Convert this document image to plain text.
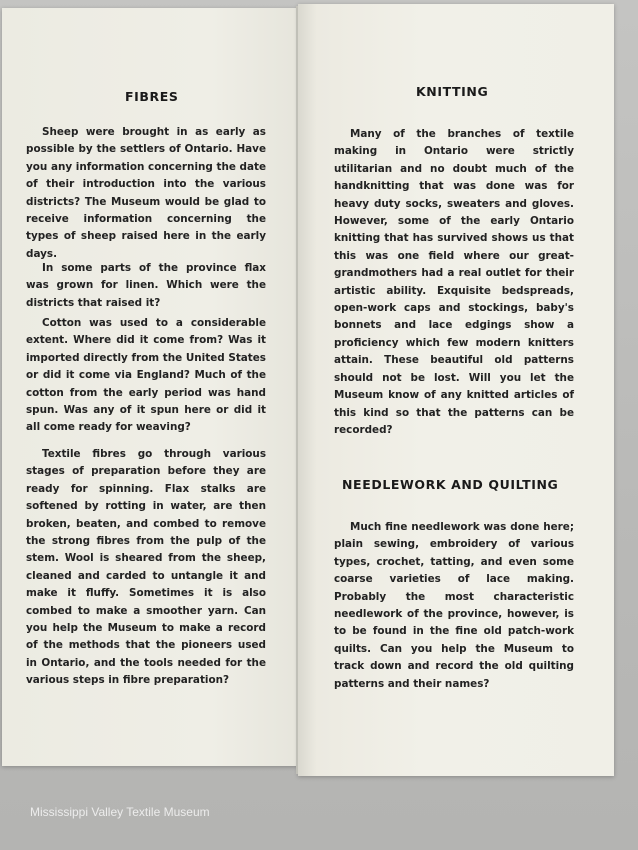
FIBRES

Sheep were brought in as early as possible by the settlers of Ontario. Have you any information concerning the date of their introduction into the various districts? The Museum would be glad to receive information concerning the types of sheep raised here in the early days.

In some parts of the province flax was grown for linen. Which were the districts that raised it?

Cotton was used to a considerable extent. Where did it come from? Was it imported directly from the United States or did it come via England? Much of the cotton from the early period was hand spun. Was any of it spun here or did it all come ready for weaving?

Textile fibres go through various stages of preparation before they are ready for spinning. Flax stalks are softened by rotting in water, are then broken, beaten, and combed to remove the strong fibres from the pulp of the stem. Wool is sheared from the sheep, cleaned and carded to untangle it and make it fluffy. Sometimes it is also combed to make a smoother yarn. Can you help the Museum to make a record of the methods that the pioneers used in Ontario, and the tools needed for the various steps in fibre preparation?

KNITTING

Many of the branches of textile making in Ontario were strictly utilitarian and no doubt much of the handknitting that was done was for heavy duty socks, sweaters and gloves. However, some of the early Ontario knitting that has survived shows us that this was one field where our great-grandmothers had a real outlet for their artistic ability. Exquisite bedspreads, open-work caps and stockings, baby's bonnets and lace edgings show a proficiency which few modern knitters attain. These beautiful old patterns should not be lost. Will you let the Museum know of any knitted articles of this kind so that the patterns can be recorded?

NEEDLEWORK AND QUILTING

Much fine needlework was done here; plain sewing, embroidery of various types, crochet, tatting, and even some coarse varieties of lace making. Probably the most characteristic needlework of the province, however, is to be found in the fine old patch-work quilts. Can you help the Museum to track down and record the old quilting patterns and their names?

Mississippi Valley Textile Museum
